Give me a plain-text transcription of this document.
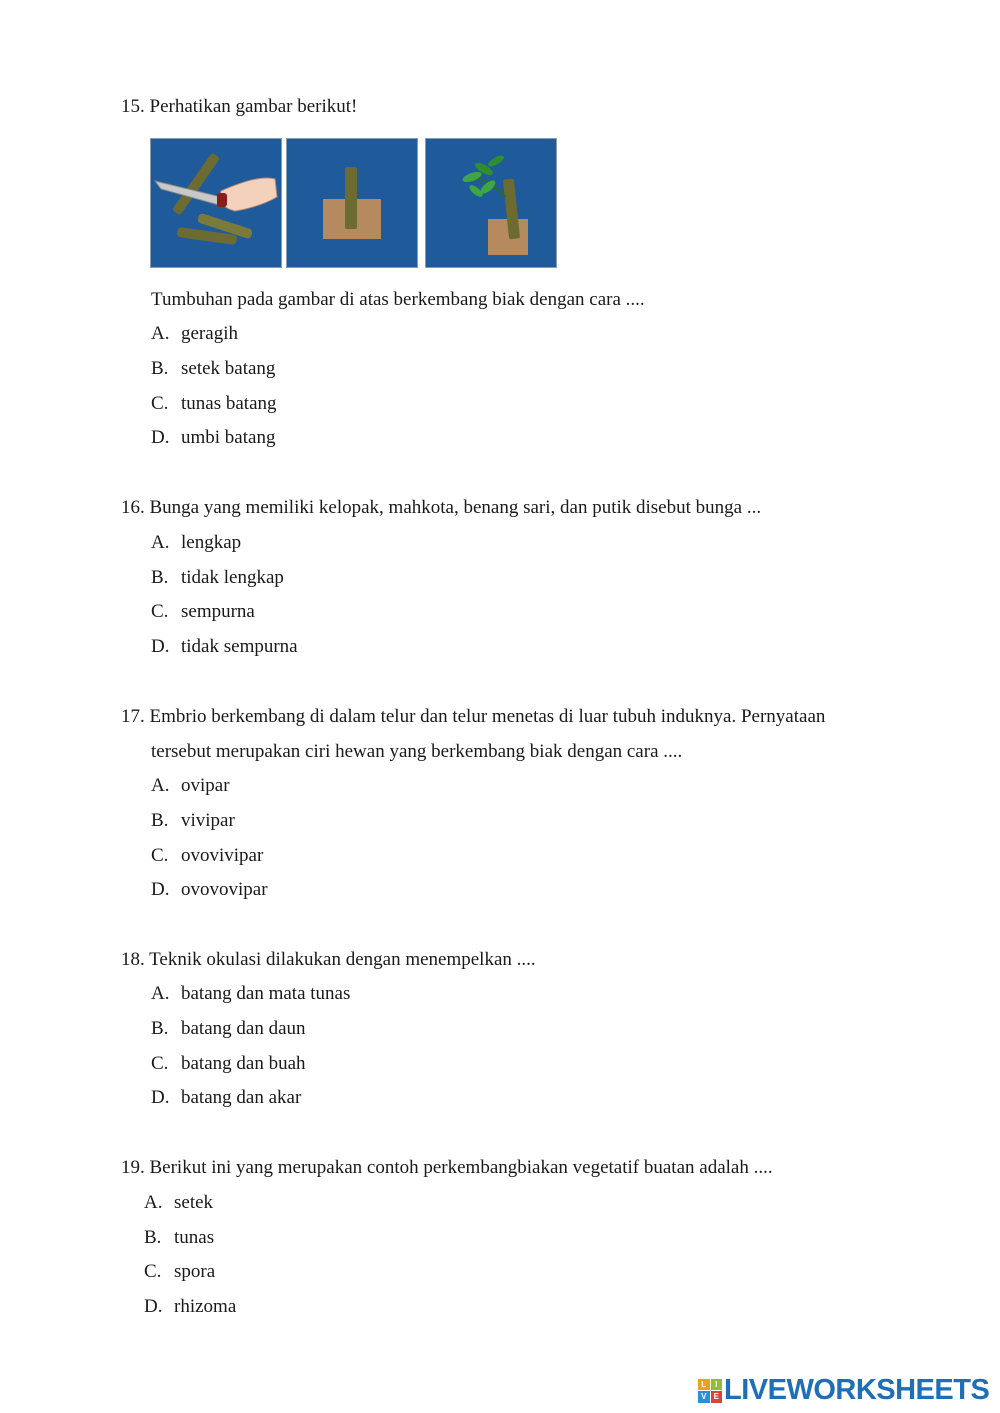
15. Perhatikan gambar berikut!
Tumbuhan pada gambar di atas berkembang biak dengan cara ....
A. geragih
B. setek batang
C. tunas batang
D. umbi batang
16. Bunga yang memiliki kelopak, mahkota, benang sari, dan putik disebut bunga ...
A. lengkap
B. tidak lengkap
C. sempurna
D. tidak sempurna
17. Embrio berkembang di dalam telur dan telur menetas di luar tubuh induknya. Pernyataan
tersebut merupakan ciri hewan yang berkembang biak dengan cara ....
A. ovipar
B. vivipar
C. ovovivipar
D. ovovovipar
18. Teknik okulasi dilakukan dengan menempelkan ....
A. batang dan mata tunas
B. batang dan daun
C. batang dan buah
D. batang dan akar
19. Berikut ini yang merupakan contoh perkembangbiakan vegetatif buatan adalah ....
A. setek
B. tunas
C. spora
D. rhizoma
L	I
V E LIVEWORKSHEETS
